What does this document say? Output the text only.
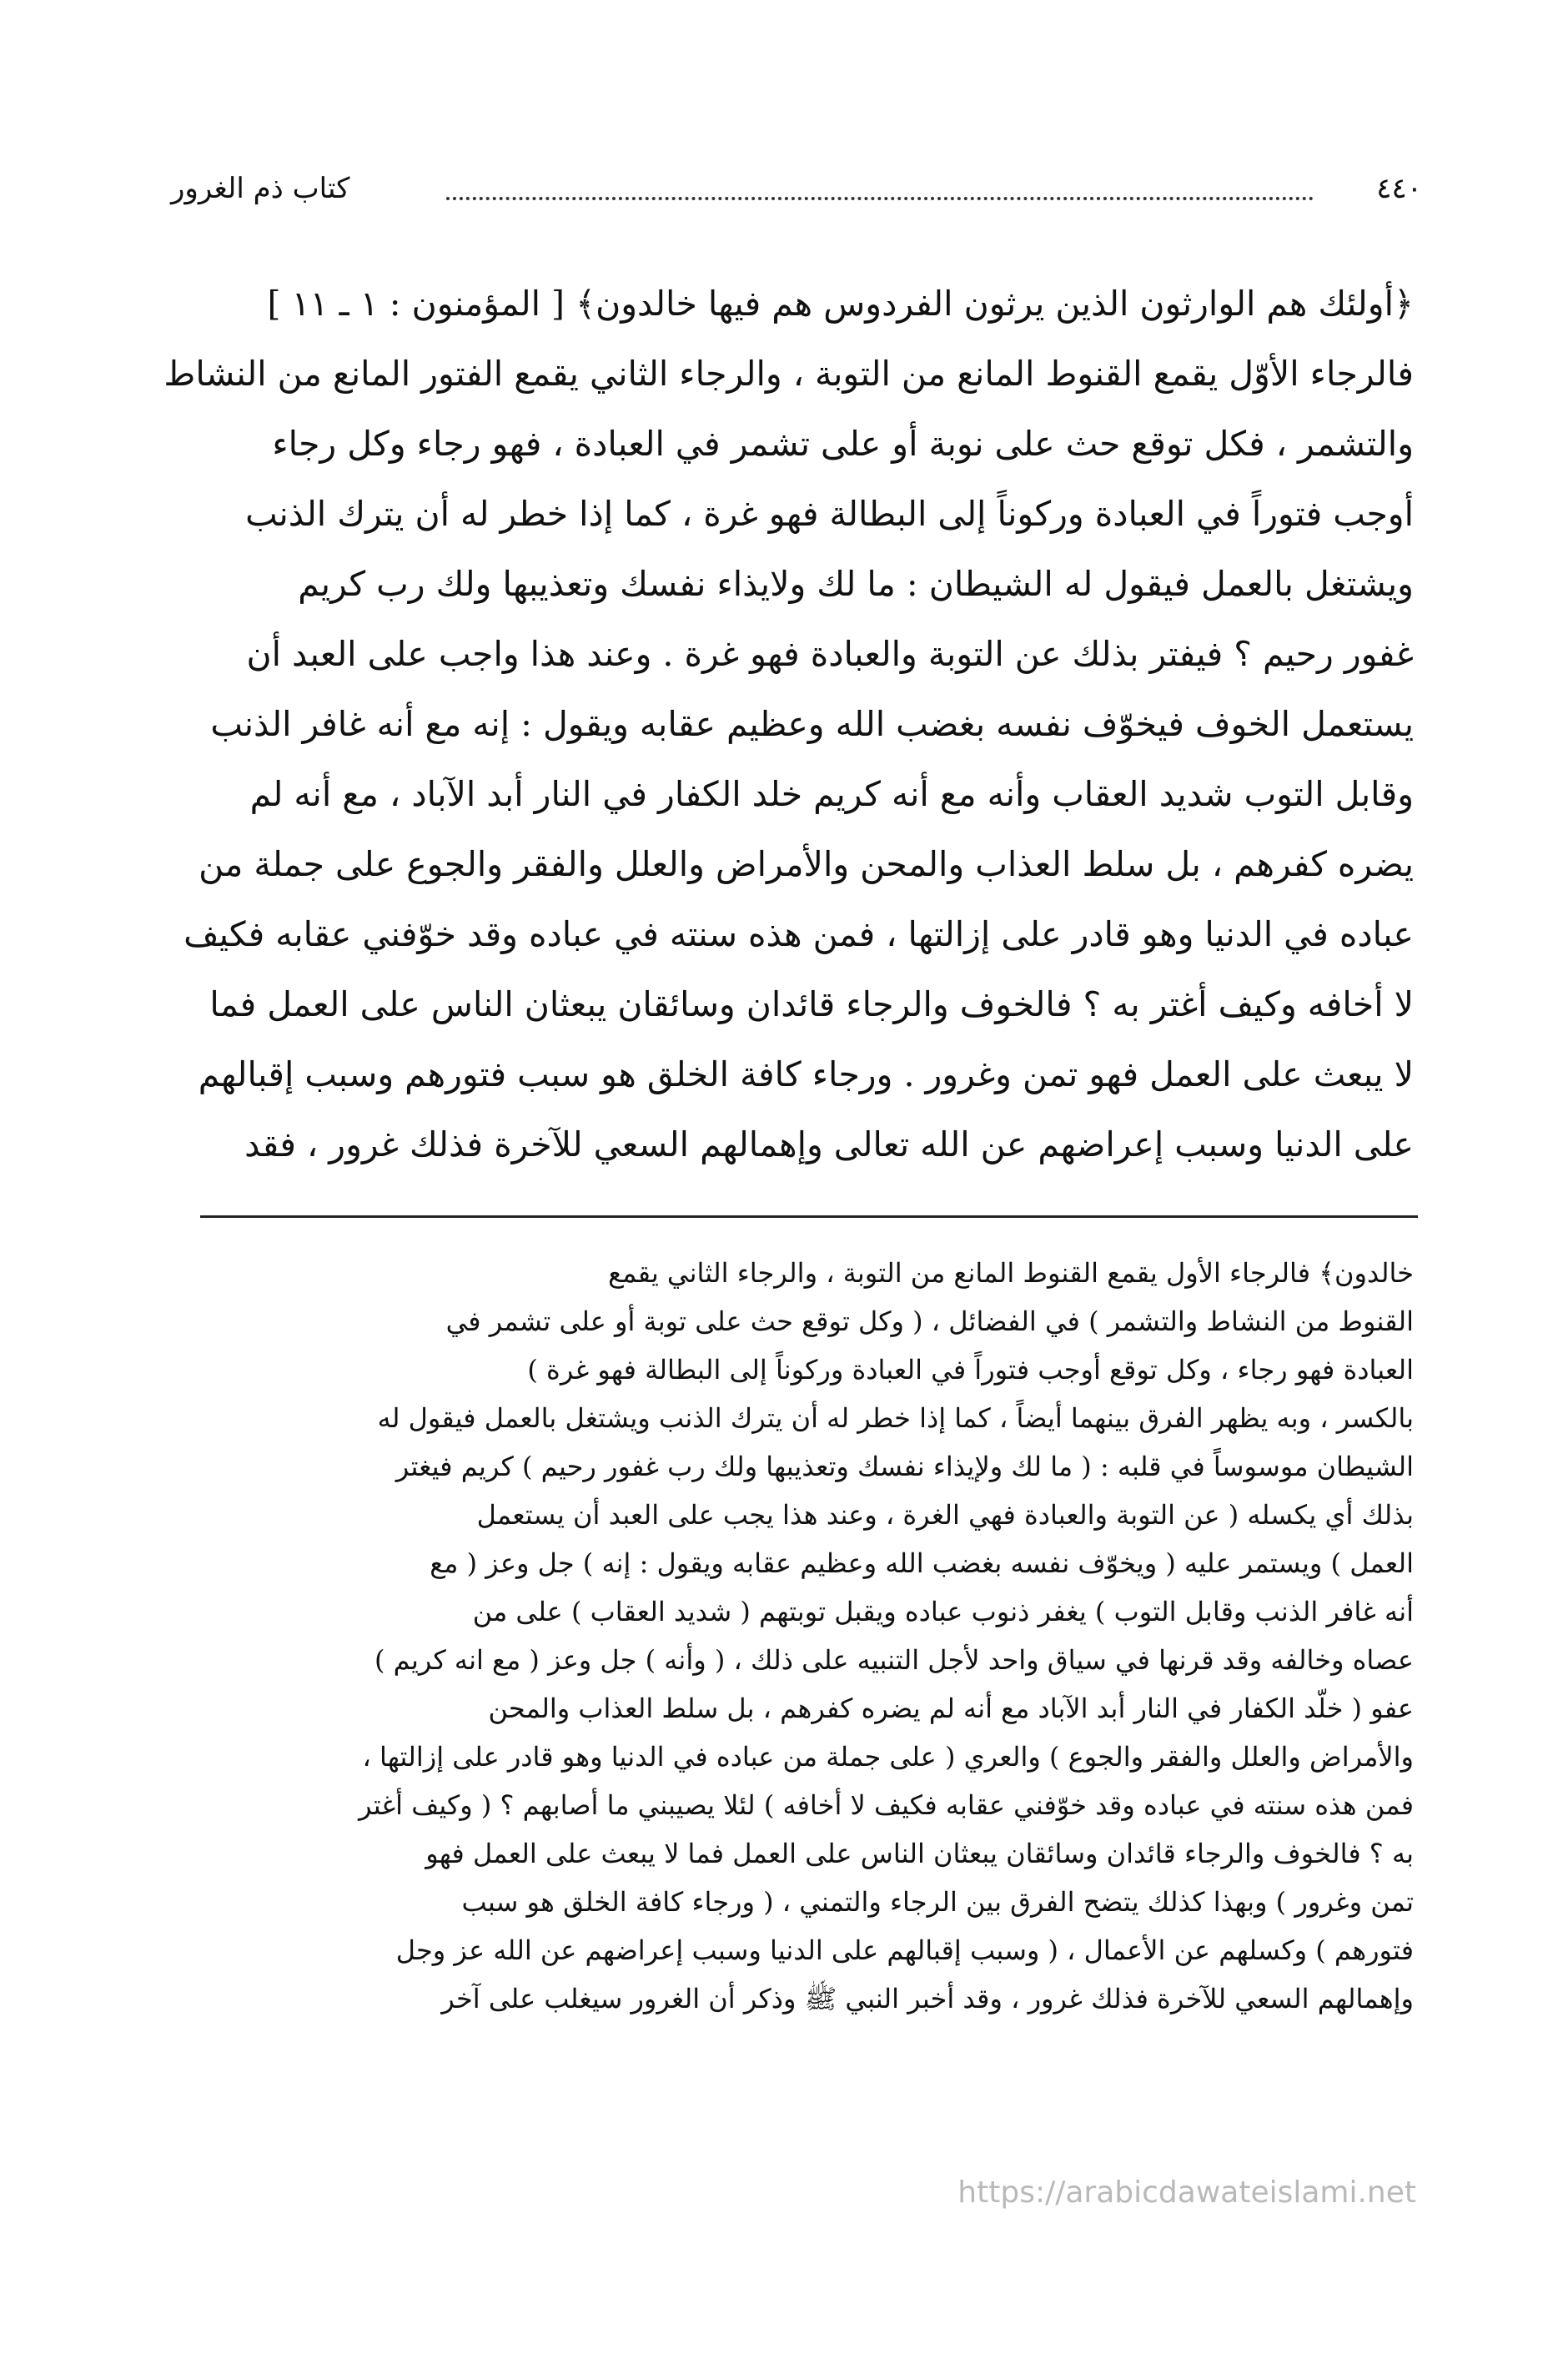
٤٤٠
كتاب ذم الغرور
﴿أولئك هم الوارثون الذين يرثون الفردوس هم فيها خالدون﴾ [ المؤمنون : ١ ـ ١١ ]
فالرجاء الأوّل يقمع القنوط المانع من التوبة ، والرجاء الثاني يقمع الفتور المانع من النشاط
والتشمر ، فكل توقع حث على نوبة أو على تشمر في العبادة ، فهو رجاء وكل رجاء
أوجب فتوراً في العبادة وركوناً إلى البطالة فهو غرة ، كما إذا خطر له أن يترك الذنب
ويشتغل بالعمل فيقول له الشيطان : ما لك ولايذاء نفسك وتعذيبها ولك رب كريم
غفور رحيم ؟ فيفتر بذلك عن التوبة والعبادة فهو غرة . وعند هذا واجب على العبد أن
يستعمل الخوف فيخوّف نفسه بغضب الله وعظيم عقابه ويقول : إنه مع أنه غافر الذنب
وقابل التوب شديد العقاب وأنه مع أنه كريم خلد الكفار في النار أبد الآباد ، مع أنه لم
يضره كفرهم ، بل سلط العذاب والمحن والأمراض والعلل والفقر والجوع على جملة من
عباده في الدنيا وهو قادر على إزالتها ، فمن هذه سنته في عباده وقد خوّفني عقابه فكيف
لا أخافه وكيف أغتر به ؟ فالخوف والرجاء قائدان وسائقان يبعثان الناس على العمل فما
لا يبعث على العمل فهو تمن وغرور . ورجاء كافة الخلق هو سبب فتورهم وسبب إقبالهم
على الدنيا وسبب إعراضهم عن الله تعالى وإهمالهم السعي للآخرة فذلك غرور ، فقد
خالدون﴾ فالرجاء الأول يقمع القنوط المانع من التوبة ، والرجاء الثاني يقمع
القنوط من النشاط والتشمر ) في الفضائل ، ( وكل توقع حث على توبة أو على تشمر في
العبادة فهو رجاء ، وكل توقع أوجب فتوراً في العبادة وركوناً إلى البطالة فهو غرة )
بالكسر ، وبه يظهر الفرق بينهما أيضاً ، كما إذا خطر له أن يترك الذنب ويشتغل بالعمل فيقول له
الشيطان موسوساً في قلبه : ( ما لك ولإيذاء نفسك وتعذيبها ولك رب غفور رحيم ) كريم فيغتر
بذلك أي يكسله ( عن التوبة والعبادة فهي الغرة ، وعند هذا يجب على العبد أن يستعمل
العمل ) ويستمر عليه ( ويخوّف نفسه بغضب الله وعظيم عقابه ويقول : إنه ) جل وعز ( مع
أنه غافر الذنب وقابل التوب ) يغفر ذنوب عباده ويقبل توبتهم ( شديد العقاب ) على من
عصاه وخالفه وقد قرنها في سياق واحد لأجل التنبيه على ذلك ، ( وأنه ) جل وعز ( مع انه كريم )
عفو ( خلّد الكفار في النار أبد الآباد مع أنه لم يضره كفرهم ، بل سلط العذاب والمحن
والأمراض والعلل والفقر والجوع ) والعري ( على جملة من عباده في الدنيا وهو قادر على إزالتها ،
فمن هذه سنته في عباده وقد خوّفني عقابه فكيف لا أخافه ) لئلا يصيبني ما أصابهم ؟ ( وكيف أغتر
به ؟ فالخوف والرجاء قائدان وسائقان يبعثان الناس على العمل فما لا يبعث على العمل فهو
تمن وغرور ) وبهذا كذلك يتضح الفرق بين الرجاء والتمني ، ( ورجاء كافة الخلق هو سبب
فتورهم ) وكسلهم عن الأعمال ، ( وسبب إقبالهم على الدنيا وسبب إعراضهم عن الله عز وجل
وإهمالهم السعي للآخرة فذلك غرور ، وقد أخبر النبي ﷺ وذكر أن الغرور سيغلب على آخر
https://arabicdawateislami.net
